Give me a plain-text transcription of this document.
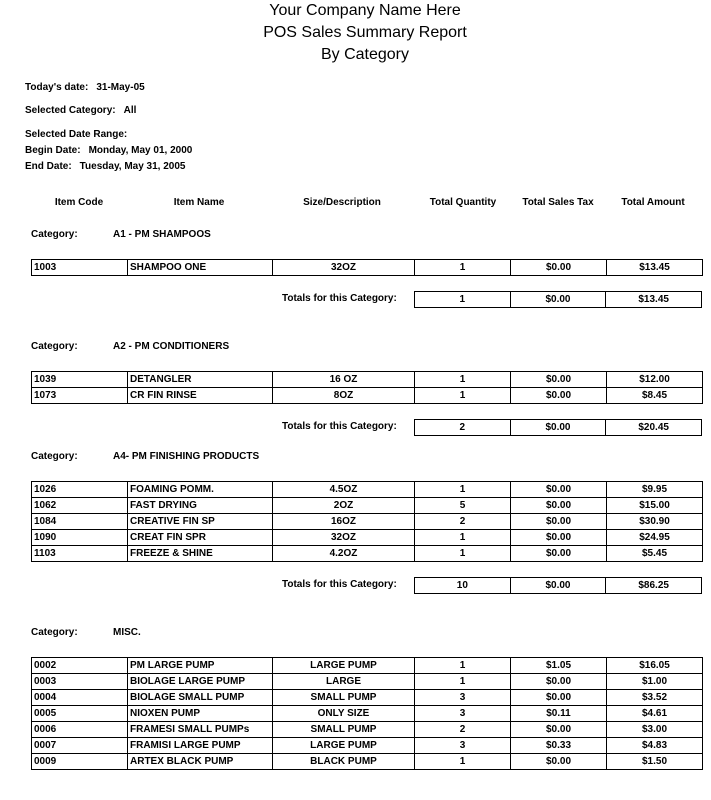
Your Company Name Here
POS Sales Summary Report
By Category
Today's date: 31-May-05
Selected Category: All
Selected Date Range:
Begin Date: Monday, May 01, 2000
End Date: Tuesday, May 31, 2005
Item Code	Item Name	Size/Description	Total Quantity	Total Sales Tax	Total Amount
Category:	A1 - PM SHAMPOOS
1003	SHAMPOO ONE	32OZ	1	$0.00	$13.45
Totals for this Category:	1	$0.00	$13.45
Category:	A2 - PM CONDITIONERS
1039	DETANGLER	16 OZ	1	$0.00	$12.00
1073	CR FIN RINSE	8OZ	1	$0.00	$8.45
Totals for this Category:	2	$0.00	$20.45
Category:	A4- PM FINISHING PRODUCTS
1026	FOAMING POMM.	4.5OZ	1	$0.00	$9.95
1062	FAST DRYING	2OZ	5	$0.00	$15.00
1084	CREATIVE FIN SP	16OZ	2	$0.00	$30.90
1090	CREAT FIN SPR	32OZ	1	$0.00	$24.95
1103	FREEZE & SHINE	4.2OZ	1	$0.00	$5.45
Totals for this Category:	10	$0.00	$86.25
Category:	MISC.
0002	PM LARGE PUMP	LARGE PUMP	1	$1.05	$16.05
0003	BIOLAGE LARGE PUMP	LARGE	1	$0.00	$1.00
0004	BIOLAGE SMALL PUMP	SMALL PUMP	3	$0.00	$3.52
0005	NIOXEN PUMP	ONLY SIZE	3	$0.11	$4.61
0006	FRAMESI SMALL PUMPs	SMALL PUMP	2	$0.00	$3.00
0007	FRAMISI LARGE PUMP	LARGE PUMP	3	$0.33	$4.83
0009	ARTEX BLACK PUMP	BLACK PUMP	1	$0.00	$1.50
